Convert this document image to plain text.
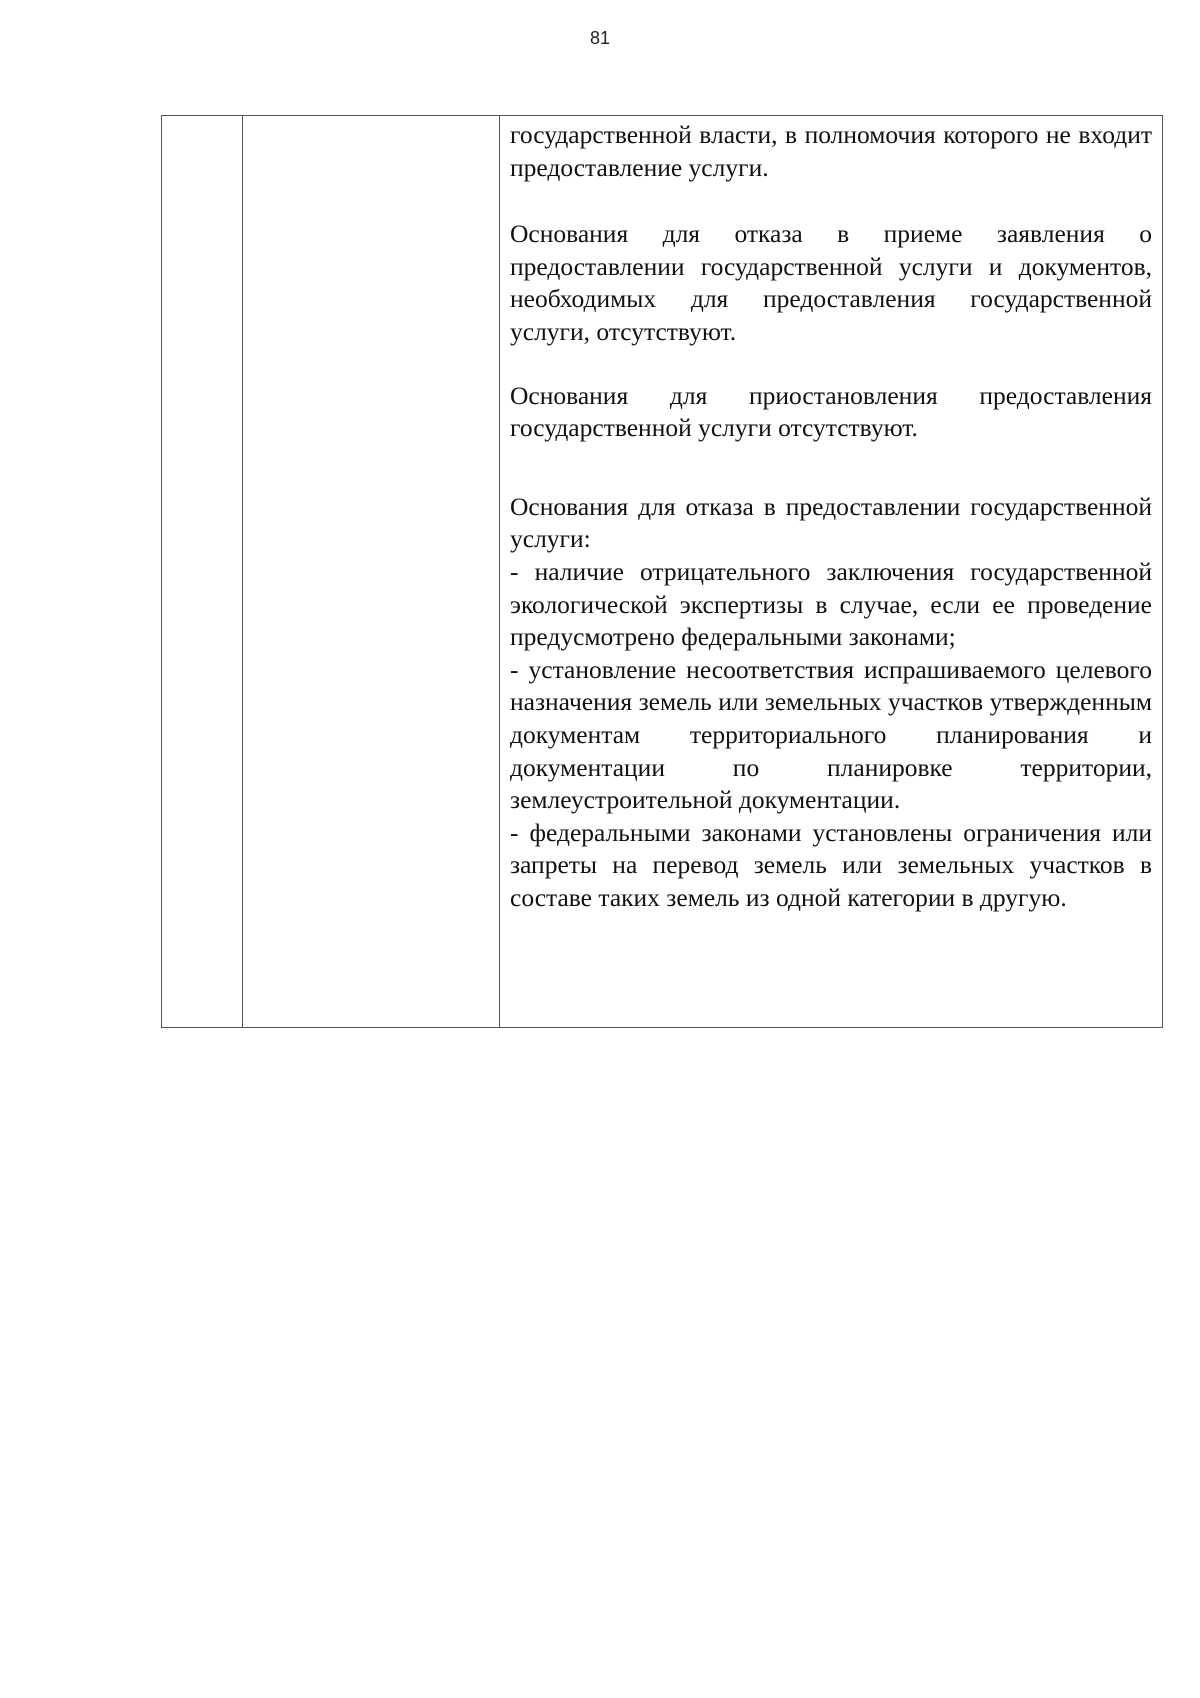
81

государственной власти, в полномочия которого не входит предоставление услуги.

Основания для отказа в приеме заявления о предоставлении государственной услуги и документов, необходимых для предоставления государственной услуги, отсутствуют.

Основания для приостановления предоставления государственной услуги отсутствуют.

Основания для отказа в предоставлении государственной услуги:

- наличие отрицательного заключения государственной экологической экспертизы в случае, если ее проведение предусмотрено федеральными законами;

- установление несоответствия испрашиваемого целевого назначения земель или земельных участков утвержденным документам территориального планирования и документации по планировке территории, землеустроительной документации.

- федеральными законами установлены ограничения или запреты на перевод земель или земельных участков в составе таких земель из одной категории в другую.
